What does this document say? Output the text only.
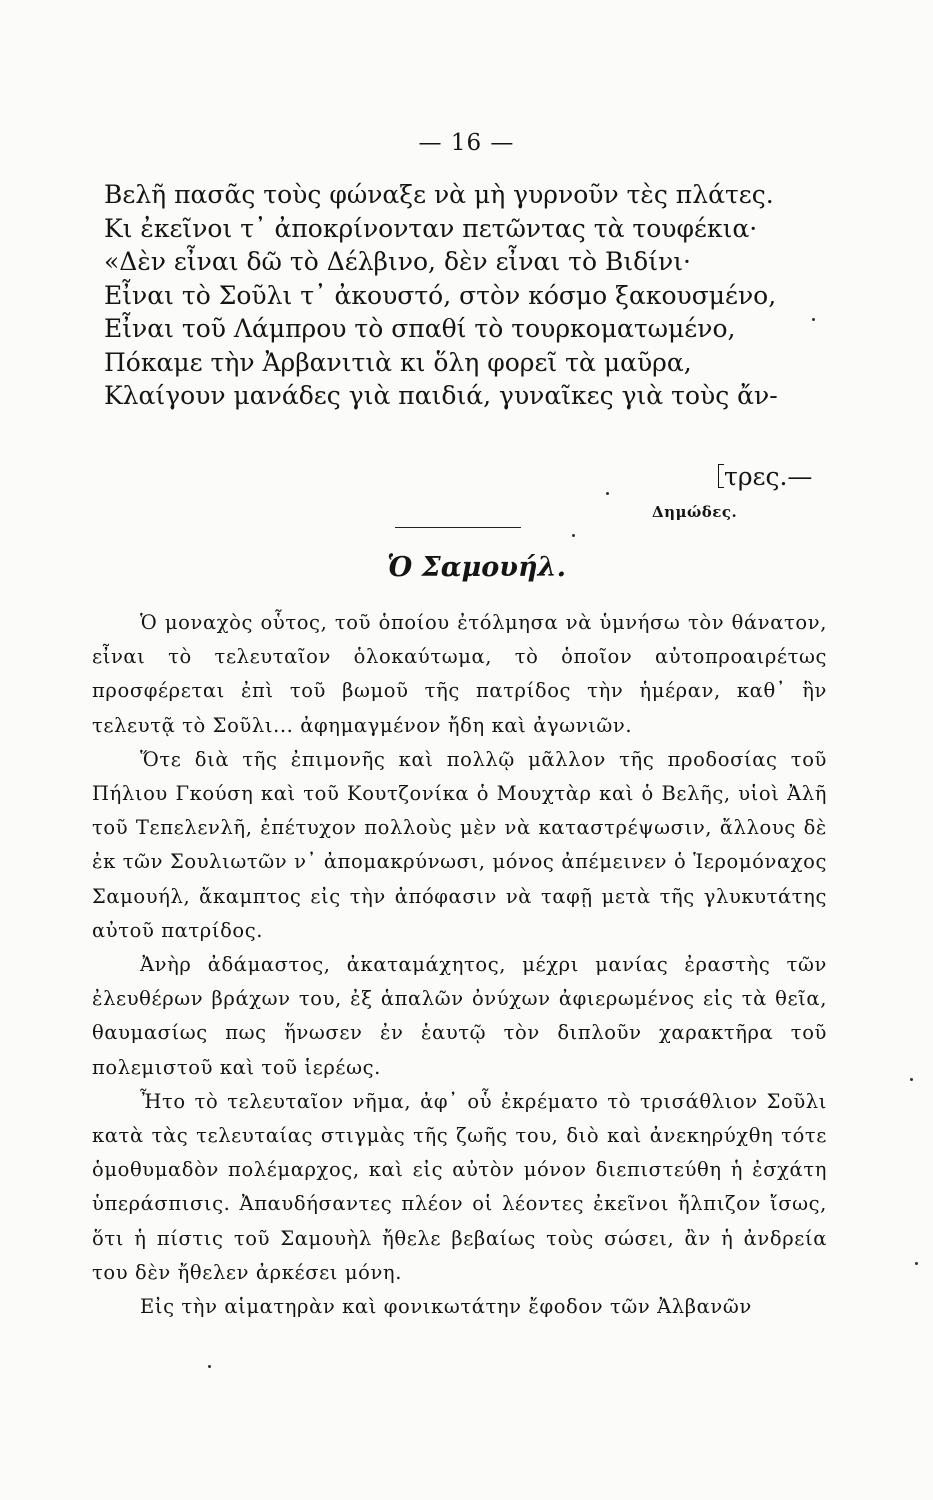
— 16 —
Βελῆ πασᾶς τοὺς φώναξε νὰ μὴ γυρνοῦν τὲς πλάτες.
Κι ἐκεῖνοι τ᾽ ἀποκρίνονταν πετῶντας τὰ τουφέκια·
«Δὲν εἶναι δῶ τὸ Δέλβινο, δὲν εἶναι τὸ Βιδίνι·
Εἶναι τὸ Σοῦλι τ᾽ ἀκουστό, στὸν κόσμο ξακουσμένο,
Εἶναι τοῦ Λάμπρου τὸ σπαθί τὸ τουρκοματωμένο,
Πόκαμε τὴν Ἀρβανιτιὰ κι ὅλη φορεῖ τὰ μαῦρα,
Κλαίγουν μανάδες γιὰ παιδιά, γυναῖκες γιὰ τοὺς ἄν-
τρες.—
Δημώδες.
Ὁ Σαμουήλ.

Ὁ μοναχὸς οὗτος, τοῦ ὁποίου ἐτόλμησα νὰ ὑμνήσω τὸν θάνατον, εἶναι τὸ τελευταῖον ὁλοκαύτωμα, τὸ ὁποῖον αὐτοπροαιρέτως προσφέρεται ἐπὶ τοῦ βωμοῦ τῆς πατρίδος τὴν ἡμέραν, καθ᾽ ἣν τελευτᾷ τὸ Σοῦλι... ἀφημαγμένον ἤδη καὶ ἀγωνιῶν.

Ὅτε διὰ τῆς ἐπιμονῆς καὶ πολλῷ μᾶλλον τῆς προδοσίας τοῦ Πήλιου Γκούση καὶ τοῦ Κουτζονίκα ὁ Μουχτὰρ καὶ ὁ Βελῆς, υἱοὶ Ἀλῆ τοῦ Τεπελενλῆ, ἐπέτυχον πολλοὺς μὲν νὰ καταστρέψωσιν, ἄλλους δὲ ἐκ τῶν Σουλιωτῶν ν᾽ ἀπομακρύνωσι, μόνος ἀπέμεινεν ὁ Ἱερομόναχος Σαμουήλ, ἄκαμπτος εἰς τὴν ἀπόφασιν νὰ ταφῇ μετὰ τῆς γλυκυτάτης αὐτοῦ πατρίδος.

Ἀνὴρ ἀδάμαστος, ἀκαταμάχητος, μέχρι μανίας ἐραστὴς τῶν ἐλευθέρων βράχων του, ἐξ ἁπαλῶν ὀνύχων ἀφιερωμένος εἰς τὰ θεῖα, θαυμασίως πως ἥνωσεν ἐν ἑαυτῷ τὸν διπλοῦν χαρακτῆρα τοῦ πολεμιστοῦ καὶ τοῦ ἱερέως.

Ἦτο τὸ τελευταῖον νῆμα, ἀφ᾽ οὗ ἐκρέματο τὸ τρισάθλιον Σοῦλι κατὰ τὰς τελευταίας στιγμὰς τῆς ζωῆς του, διὸ καὶ ἀνεκηρύχθη τότε ὁμοθυμαδὸν πολέμαρχος, καὶ εἰς αὐτὸν μόνον διεπιστεύθη ἡ ἐσχάτη ὑπεράσπισις. Ἀπαυδήσαντες πλέον οἱ λέοντες ἐκεῖνοι ἤλπιζον ἴσως, ὅτι ἡ πίστις τοῦ Σαμουὴλ ἤθελε βεβαίως τοὺς σώσει, ἂν ἡ ἀνδρεία του δὲν ἤθελεν ἀρκέσει μόνη.

Εἰς τὴν αἱματηρὰν καὶ φονικωτάτην ἔφοδον τῶν Ἀλβανῶν
